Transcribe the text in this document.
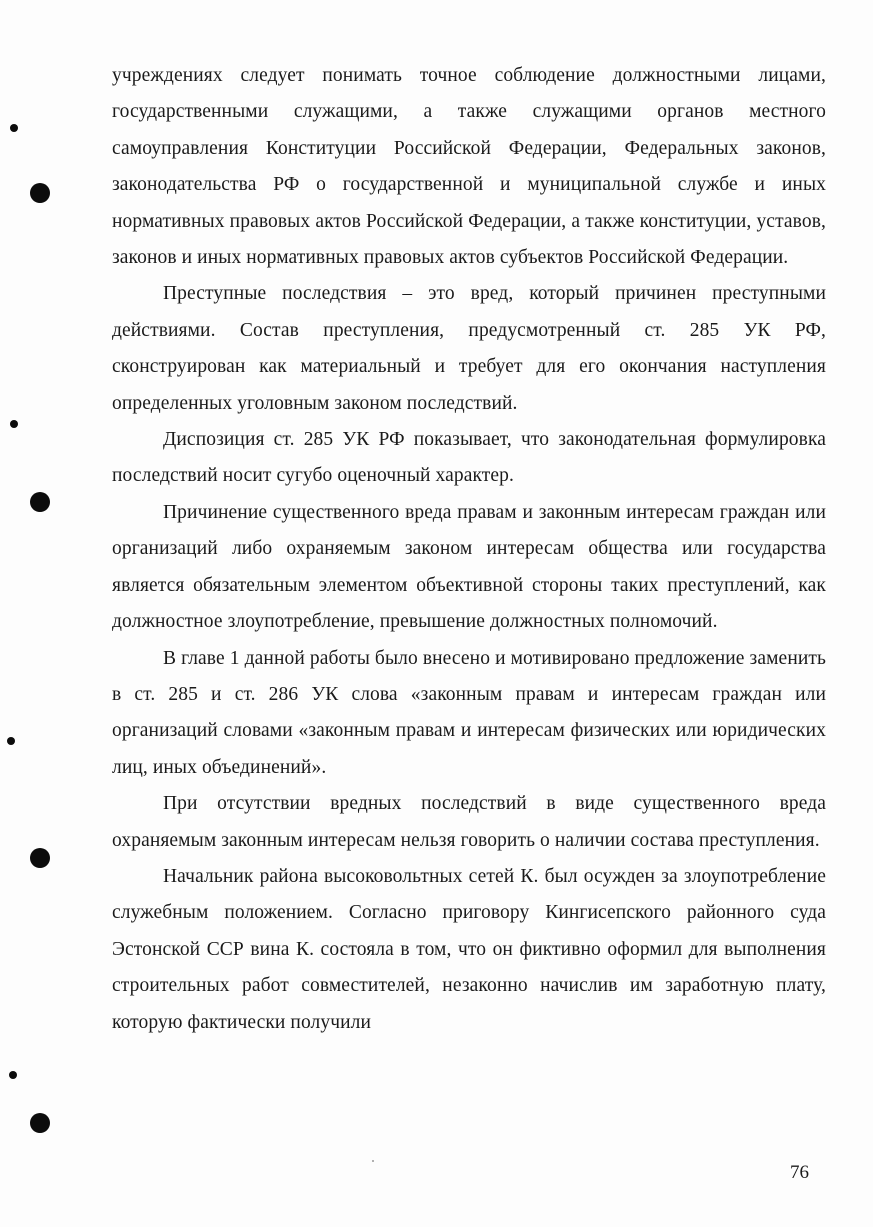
учреждениях следует понимать точное соблюдение должностными лицами, государственными служащими, а также служащими органов местного самоуправления Конституции Российской Федерации, Федеральных законов, законодательства РФ о государственной и муниципальной службе и иных нормативных правовых актов Российской Федерации, а также конституции, уставов, законов и иных нормативных правовых актов субъектов Российской Федерации.

Преступные последствия – это вред, который причинен преступными действиями. Состав преступления, предусмотренный ст. 285 УК РФ, сконструирован как материальный и требует для его окончания наступления определенных уголовным законом последствий.

Диспозиция ст. 285 УК РФ показывает, что законодательная формулировка последствий носит сугубо оценочный характер.

Причинение существенного вреда правам и законным интересам граждан или организаций либо охраняемым законом интересам общества или государства является обязательным элементом объективной стороны таких преступлений, как должностное злоупотребление, превышение должностных полномочий.

В главе 1 данной работы было внесено и мотивировано предложение заменить в ст. 285 и ст. 286 УК слова «законным правам и интересам граждан или организаций словами «законным правам и интересам физических или юридических лиц, иных объединений».

При отсутствии вредных последствий в виде существенного вреда охраняемым законным интересам нельзя говорить о наличии состава преступления.

Начальник района высоковольтных сетей К. был осужден за злоупотребление служебным положением. Согласно приговору Кингисепского районного суда Эстонской ССР вина К. состояла в том, что он фиктивно оформил для выполнения строительных работ совместителей, незаконно начислив им заработную плату, которую фактически получили

76
